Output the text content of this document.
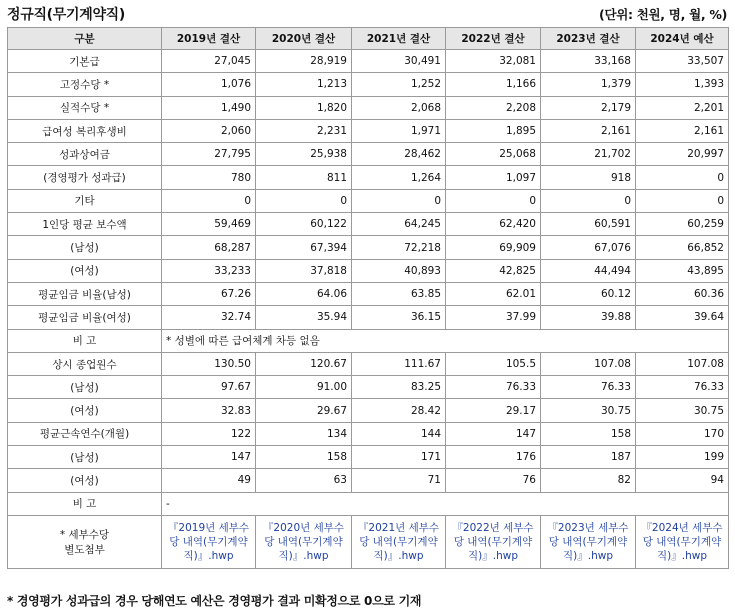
정규직(무기계약직)	(단위: 천원, 명, 월, %)
구분	2019년 결산	2020년 결산	2021년 결산	2022년 결산	2023년 결산	2024년 예산
기본급	27,045	28,919	30,491	32,081	33,168	33,507
고정수당 *	1,076	1,213	1,252	1,166	1,379	1,393
실적수당 *	1,490	1,820	2,068	2,208	2,179	2,201
급여성 복리후생비	2,060	2,231	1,971	1,895	2,161	2,161
성과상여금	27,795	25,938	28,462	25,068	21,702	20,997
(경영평가 성과급)	780	811	1,264	1,097	918	0
기타	0	0	0	0	0	0
1인당 평균 보수액	59,469	60,122	64,245	62,420	60,591	60,259
(남성)	68,287	67,394	72,218	69,909	67,076	66,852
(여성)	33,233	37,818	40,893	42,825	44,494	43,895
평균임금 비율(남성)	67.26	64.06	63.85	62.01	60.12	60.36
평균임금 비율(여성)	32.74	35.94	36.15	37.99	39.88	39.64
비 고	* 성별에 따른 급여체계 차등 없음					
상시 종업원수	130.50	120.67	111.67	105.5	107.08	107.08
(남성)	97.67	91.00	83.25	76.33	76.33	76.33
(여성)	32.83	29.67	28.42	29.17	30.75	30.75
평균근속연수(개월)	122	134	144	147	158	170
(남성)	147	158	171	176	187	199
(여성)	49	63	71	76	82	94
비 고	-					

* 세부수당
별도첨부	『2019년 세부수당 내역(무기계약직)』.hwp	『2020년 세부수당 내역(무기계약직)』.hwp	『2021년 세부수당 내역(무기계약직)』.hwp	『2022년 세부수당 내역(무기계약직)』.hwp	『2023년 세부수당 내역(무기계약직)』.hwp	『2024년 세부수당 내역(무기계약직)』.hwp
* 경영평가 성과급의 경우 당해연도 예산은 경영평가 결과 미확정으로 0으로 기재
